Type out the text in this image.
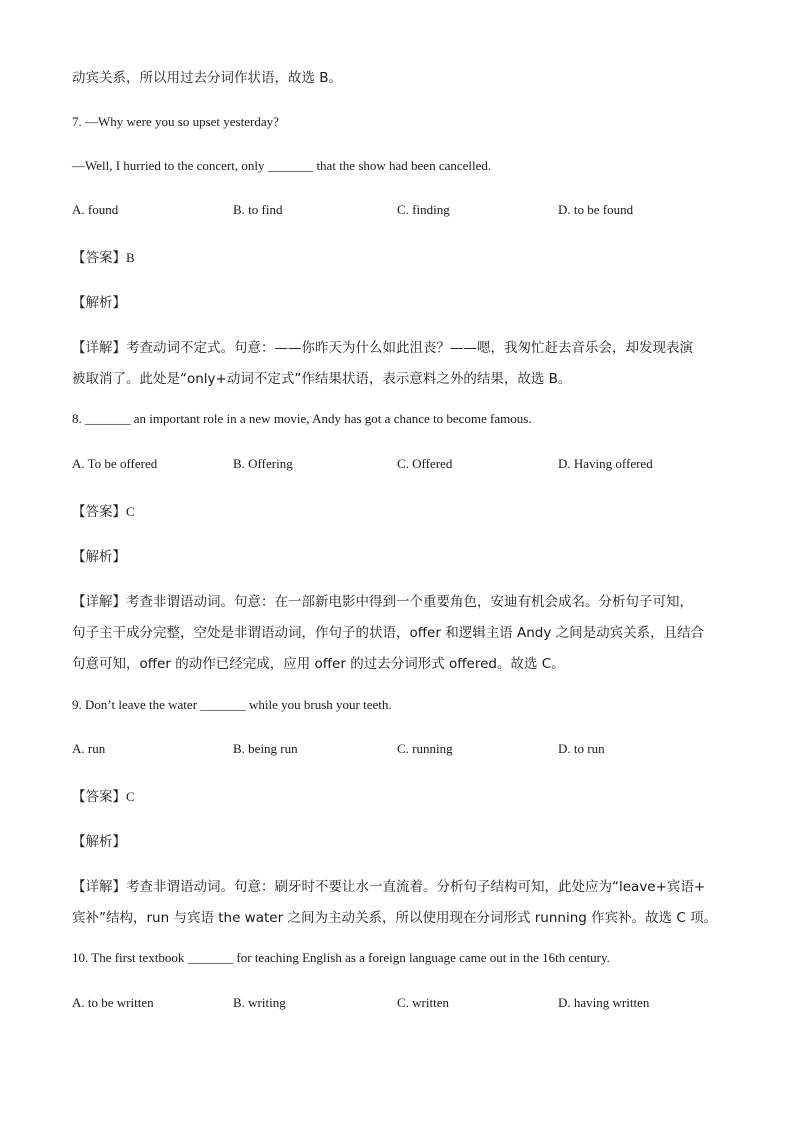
动宾关系，所以用过去分词作状语，故选 B。
7. —Why were you so upset yesterday?
—Well, I hurried to the concert, only _______ that the show had been cancelled.
A. found	B. to find	C. finding	D. to be found
【答案】B
【解析】
【详解】考查动词不定式。句意：——你昨天为什么如此沮丧？——嗯，我匆忙赶去音乐会，却发现表演
被取消了。此处是“only+动词不定式”作结果状语，表示意料之外的结果，故选 B。
8. _______ an important role in a new movie, Andy has got a chance to become famous.
A. To be offered	B. Offering	C. Offered	D. Having offered
【答案】C
【解析】
【详解】考查非谓语动词。句意：在一部新电影中得到一个重要角色，安迪有机会成名。分析句子可知，
句子主干成分完整，空处是非谓语动词，作句子的状语，offer 和逻辑主语 Andy 之间是动宾关系，且结合
句意可知，offer 的动作已经完成，应用 offer 的过去分词形式 offered。故选 C。
9. Don’t leave the water _______ while you brush your teeth.
A. run	B. being run	C. running	D. to run
【答案】C
【解析】
【详解】考查非谓语动词。句意：刷牙时不要让水一直流着。分析句子结构可知，此处应为“leave+宾语+
宾补”结构，run 与宾语 the water 之间为主动关系，所以使用现在分词形式 running 作宾补。故选 C 项。
10. The first textbook _______ for teaching English as a foreign language came out in the 16th century.
A. to be written	B. writing	C. written	D. having written
